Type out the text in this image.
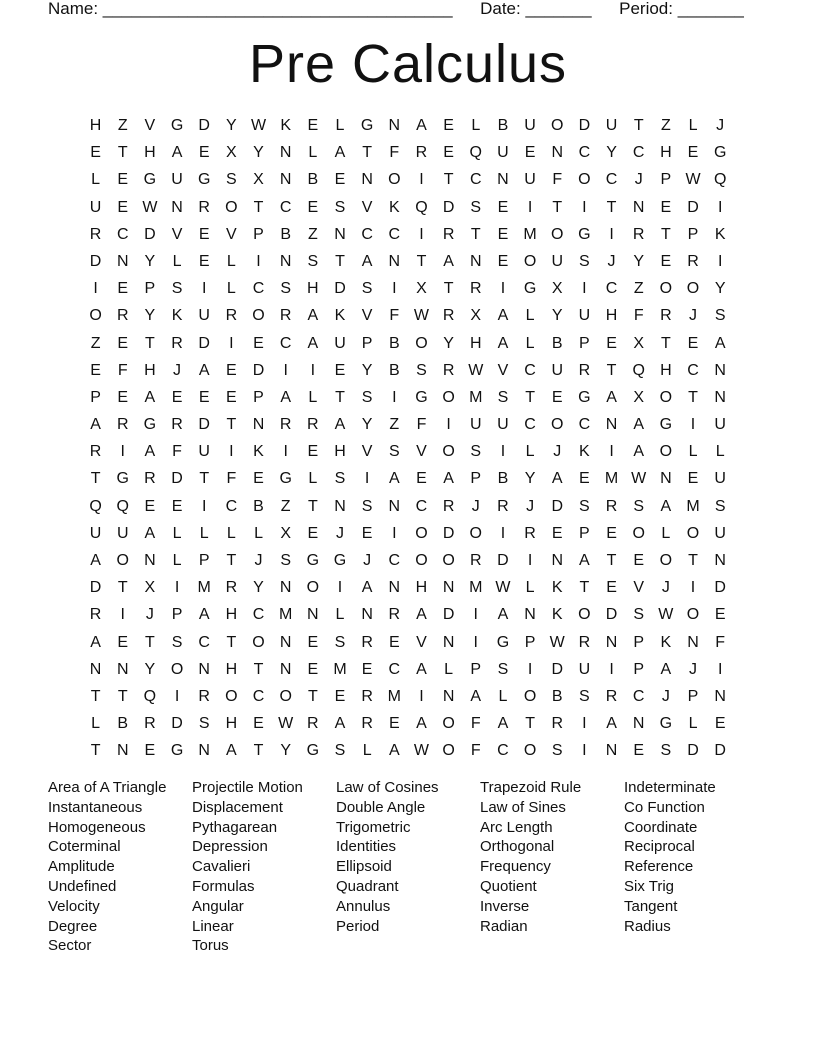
Name: _____________________________________ Date: _______ Period: _______
Pre Calculus
H	Z	V G D	Y W K	E	L	G N	A	E	L	B	U O D U	T	Z	L	J
E	T	H	A	E	X	Y	N	L	A	T	F	R	E Q U	E	N C	Y	C H	E G
L	E G U G S	X	N	B	E	N O	I	T	C N U	F	O C	J	P W Q
U	E W N R O	T	C	E	S	V	K Q D	S	E	I	T	I	T	N	E	D	I
R C D	V	E	V	P	B	Z	N C C	I	R	T	E M O G	I	R	T	P	K
D N	Y	L	E	L	I	N	S	T	A	N	T	A	N	E O U	S	J	Y	E	R	I
I	E	P	S	I	L	C	S	H D	S	I	X	T	R	I	G X	I	C	Z	O O Y
O R	Y	K	U R O R	A	K	V	F W R	X	A	L	Y	U H	F	R	J	S
Z	E	T	R D	I	E	C	A	U	P	B O Y	H	A	L	B	P	E	X	T	E	A
E	F	H	J	A	E	D	I	I	E	Y	B	S	R W V	C U R	T	Q H C N
P	E	A	E	E	E	P	A	L	T	S	I	G O M S	T	E G A	X O	T	N
A	R G R D	T	N R R	A	Y	Z	F	I	U U C O C N	A G	I	U
R	I	A	F	U	I	K	I	E	H	V	S	V O S	I	L	J	K	I	A O	L	L
T	G R D	T	F	E G	L	S	I	A	E	A	P	B	Y	A	E M W N	E	U
Q Q E	E	I	C	B	Z	T	N	S	N C R	J	R	J	D	S	R	S	A M S
U U	A	L	L	L	L	X	E	J	E	I	O D O	I	R	E	P	E O	L	O U
A O N	L	P	T	J	S G G	J	C O O R D	I	N	A	T	E O	T	N
D	T	X	I	M R	Y	N O	I	A	N H N M W L	K	T	E	V	J	I	D
R	I	J	P	A	H C M N	L	N R	A	D	I	A	N	K O D	S W O E
A	E	T	S	C	T	O N	E	S	R	E	V	N	I	G P W R N	P	K	N	F
N N	Y O N H	T	N	E M E	C	A	L	P	S	I	D U	I	P	A	J	I
T	T	Q	I	R O C O	T	E	R M	I	N	A	L	O B	S	R C	J	P	N
L	B	R D	S	H	E W R	A	R	E	A O	F	A	T	R	I	A	N G	L	E
T	N	E G N	A	T	Y G S	L	A W O	F	C O S	I	N	E	S	D D
Area of A Triangle
Instantaneous
Homogeneous
Coterminal
Amplitude
Undefined
Velocity
Degree
Sector
Projectile Motion
Displacement
Pythagarean
Depression
Cavalieri
Formulas
Angular
Linear
Torus
Law of Cosines
Double Angle
Trigometric
Identities
Ellipsoid
Quadrant
Annulus
Period
Trapezoid Rule
Law of Sines
Arc Length
Orthogonal
Frequency
Quotient
Inverse
Radian
Indeterminate
Co Function
Coordinate
Reciprocal
Reference
Six Trig
Tangent
Radius
